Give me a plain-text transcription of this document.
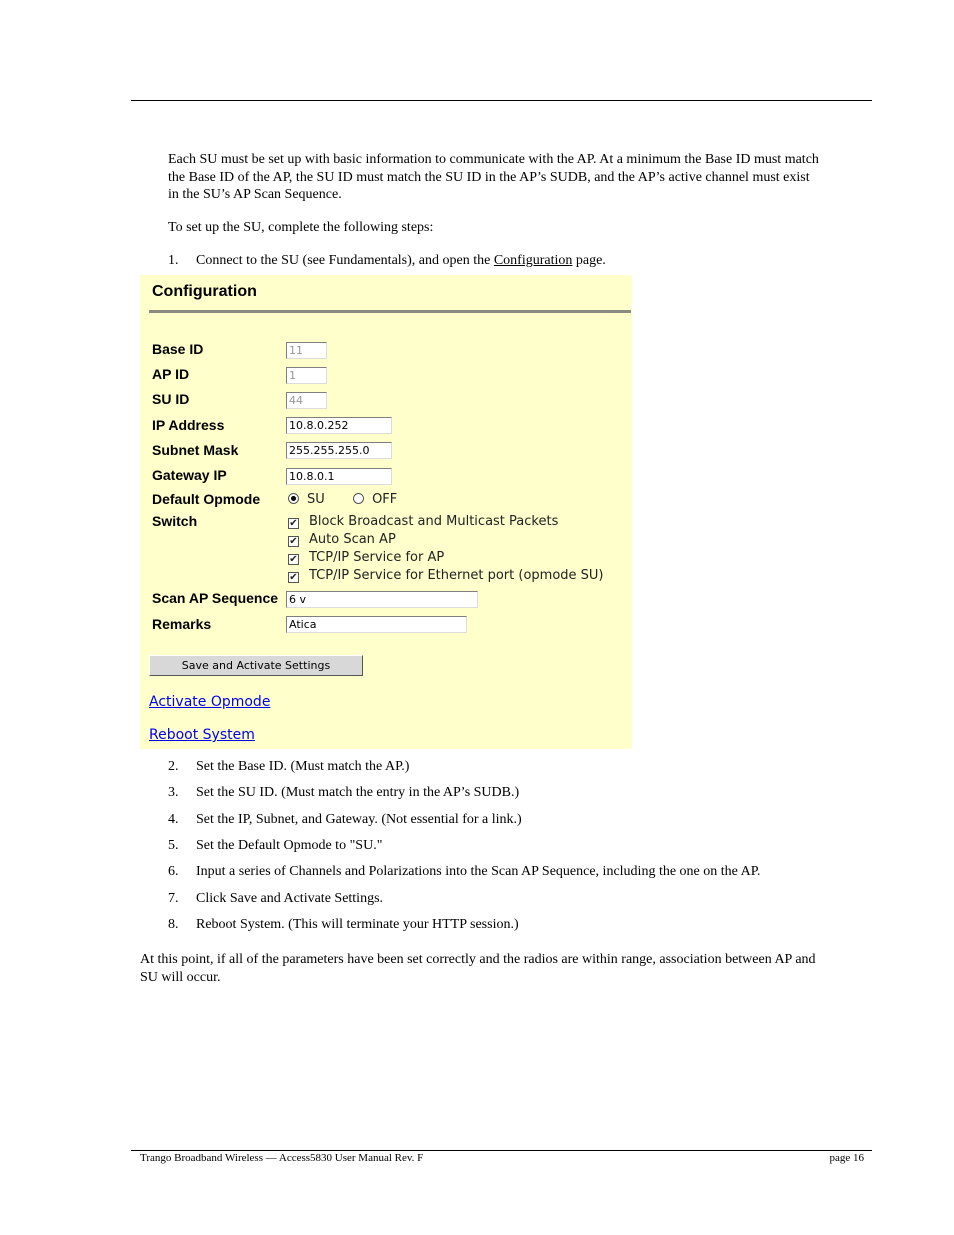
Each SU must be set up with basic information to communicate with the AP. At a minimum the Base ID must match
the Base ID of the AP, the SU ID must match the SU ID in the AP’s SUDB, and the AP’s active channel must exist
in the SU’s AP Scan Sequence.
To set up the SU, complete the following steps:
1.	Connect to the SU (see Fundamentals), and open the Configuration page.
Configuration
Base ID	11
AP ID	1
SU ID	44
IP Address	10.8.0.252
Subnet Mask	255.255.255.0
Gateway IP	10.8.0.1
Default Opmode	SU	OFF
Switch	✔ Block Broadcast and Multicast Packets
✔ Auto Scan AP
✔ TCP/IP Service for AP
✔ TCP/IP Service for Ethernet port (opmode SU)
Scan AP Sequence 6 v
Remarks	Atica
Save and Activate Settings
Activate Opmode
Reboot System
2.	Set the Base ID. (Must match the AP.)
3.	Set the SU ID. (Must match the entry in the AP’s SUDB.)
4.	Set the IP, Subnet, and Gateway. (Not essential for a link.)
5.	Set the Default Opmode to "SU."
6.	Input a series of Channels and Polarizations into the Scan AP Sequence, including the one on the AP.
7.	Click Save and Activate Settings.
8.	Reboot System. (This will terminate your HTTP session.)
At this point, if all of the parameters have been set correctly and the radios are within range, association between AP and
SU will occur.
Trango Broadband Wireless — Access5830 User Manual Rev. F	page 16
